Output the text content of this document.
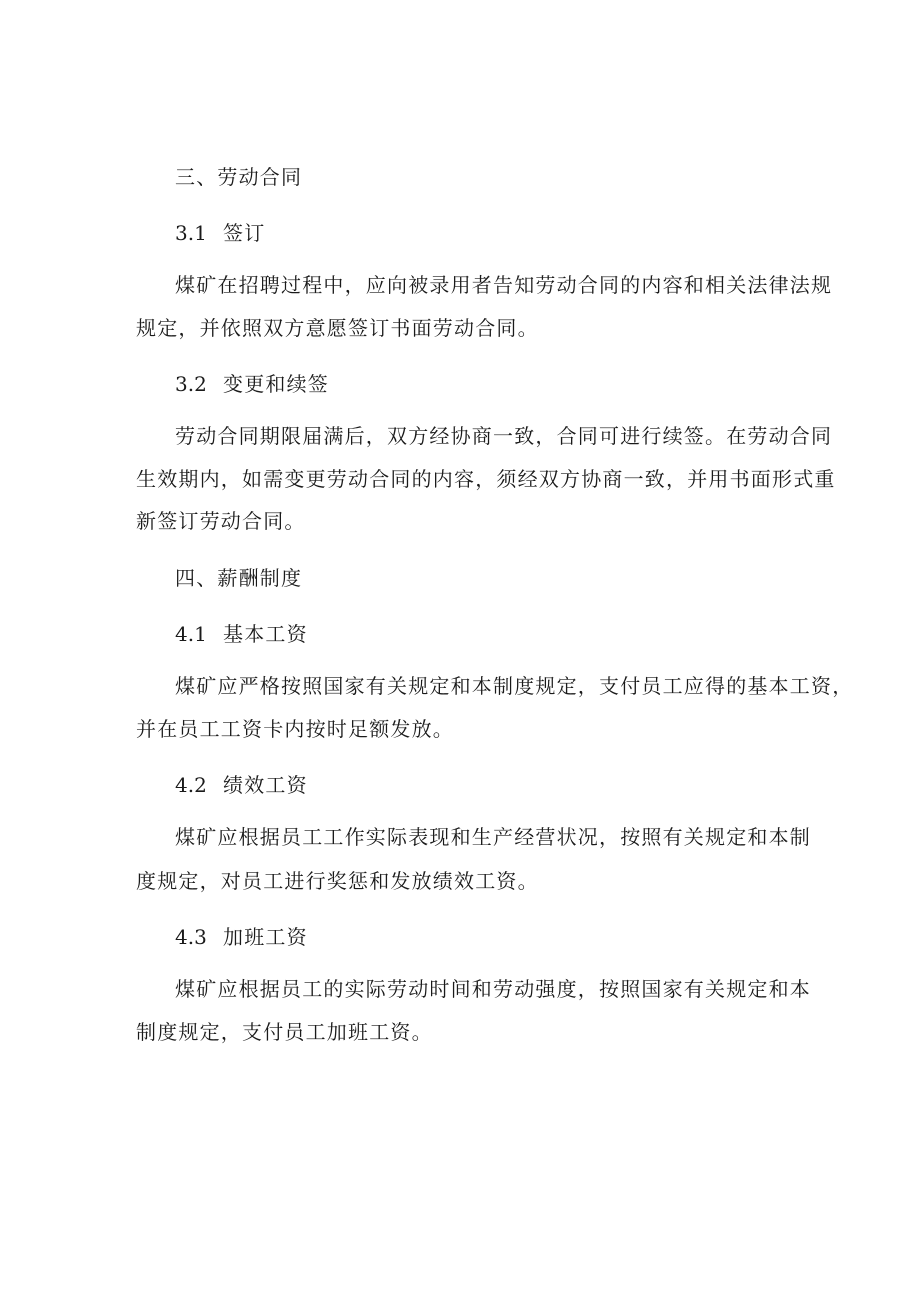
三、劳动合同
3.1 签订
煤矿在招聘过程中，应向被录用者告知劳动合同的内容和相关法律法规
规定，并依照双方意愿签订书面劳动合同。
3.2 变更和续签
劳动合同期限届满后，双方经协商一致，合同可进行续签。在劳动合同
生效期内，如需变更劳动合同的内容，须经双方协商一致，并用书面形式重
新签订劳动合同。
四、薪酬制度
4.1 基本工资
煤矿应严格按照国家有关规定和本制度规定，支付员工应得的基本工资，
并在员工工资卡内按时足额发放。
4.2 绩效工资
煤矿应根据员工工作实际表现和生产经营状况，按照有关规定和本制
度规定，对员工进行奖惩和发放绩效工资。
4.3 加班工资
煤矿应根据员工的实际劳动时间和劳动强度，按照国家有关规定和本
制度规定，支付员工加班工资。
